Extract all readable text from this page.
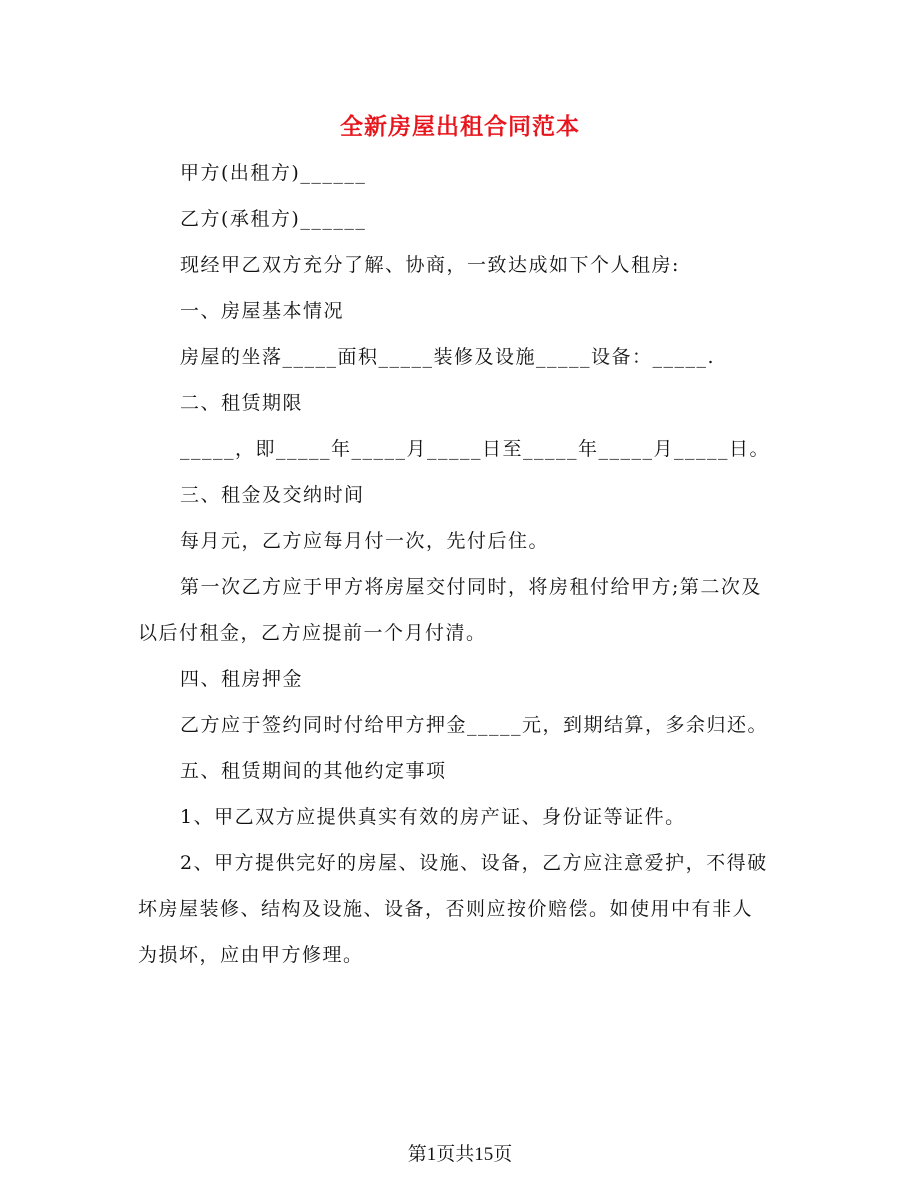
全新房屋出租合同范本
甲方(出租方)______
乙方(承租方)______
现经甲乙双方充分了解、协商，一致达成如下个人租房:
一、房屋基本情况
房屋的坐落_____面积_____装修及设施_____设备：_____.
二、租赁期限
_____，即_____年_____月_____日至_____年_____月_____日。
三、租金及交纳时间
每月元，乙方应每月付一次，先付后住。
第一次乙方应于甲方将房屋交付同时，将房租付给甲方;第二次及
以后付租金，乙方应提前一个月付清。
四、租房押金
乙方应于签约同时付给甲方押金_____元，到期结算，多余归还。
五、租赁期间的其他约定事项
1、甲乙双方应提供真实有效的房产证、身份证等证件。
2、甲方提供完好的房屋、设施、设备，乙方应注意爱护，不得破
坏房屋装修、结构及设施、设备，否则应按价赔偿。如使用中有非人
为损坏，应由甲方修理。
第1页共15页
